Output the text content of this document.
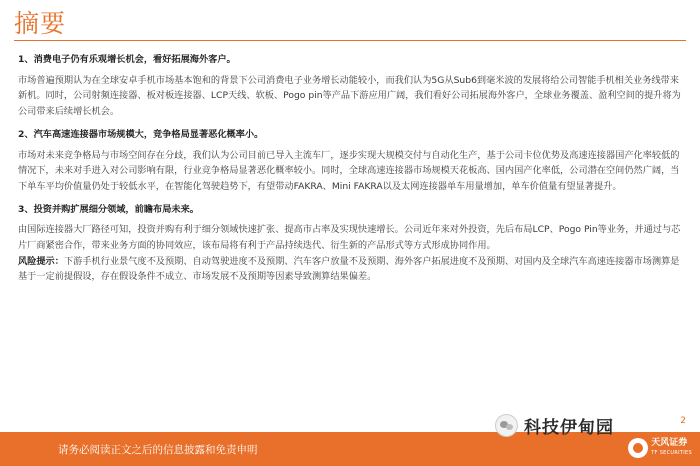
摘要

1、消费电子仍有乐观增长机会，看好拓展海外客户。

市场普遍预期认为在全球安卓手机市场基本饱和的背景下公司消费电子业务增长动能较小，而我们认为5G从Sub6到毫米波的发展将给公司智能手机相关业务线带来新机。同时，公司射频连接器、板对板连接器、LCP天线、软板、Pogo pin等产品下游应用广阔，我们看好公司拓展海外客户，全球业务覆盖、盈利空间的提升将为公司带来后续增长机会。

2、汽车高速连接器市场规模大，竞争格局显著恶化概率小。

市场对未来竞争格局与市场空间存在分歧，我们认为公司目前已导入主流车厂，逐步实现大规模交付与自动化生产，基于公司卡位优势及高速连接器国产化率较低的情况下，未来对手进入对公司影响有限，行业竞争格局显著恶化概率较小。同时，全球高速连接器市场规模天花板高、国内国产化率低，公司潜在空间仍然广阔，当下单车平均价值量仍处于较低水平，在智能化驾驶趋势下，有望带动FAKRA、Mini FAKRA以及太网连接器单车用量增加，单车价值量有望显著提升。

3、投资并购扩展细分领域，前瞻布局未来。

由国际连接器大厂路径可知，投资并购有利于细分领域快速扩张、提高市占率及实现快速增长。公司近年来对外投资，先后布局LCP、Pogo Pin等业务，并通过与芯片厂商紧密合作，带来业务方面的协同效应，该布局将有利于产品持续迭代、衍生新的产品形式等方式形成协同作用。

风险提示：下游手机行业景气度不及预期、自动驾驶进度不及预期、汽车客户放量不及预期、海外客户拓展进度不及预期、对国内及全球汽车高速连接器市场测算是基于一定前提假设，存在假设条件不成立、市场发展不及预期等因素导致测算结果偏差。

2
请务必阅读正文之后的信息披露和免责申明
科技伊甸园
天风证券
TF SECURITIES
